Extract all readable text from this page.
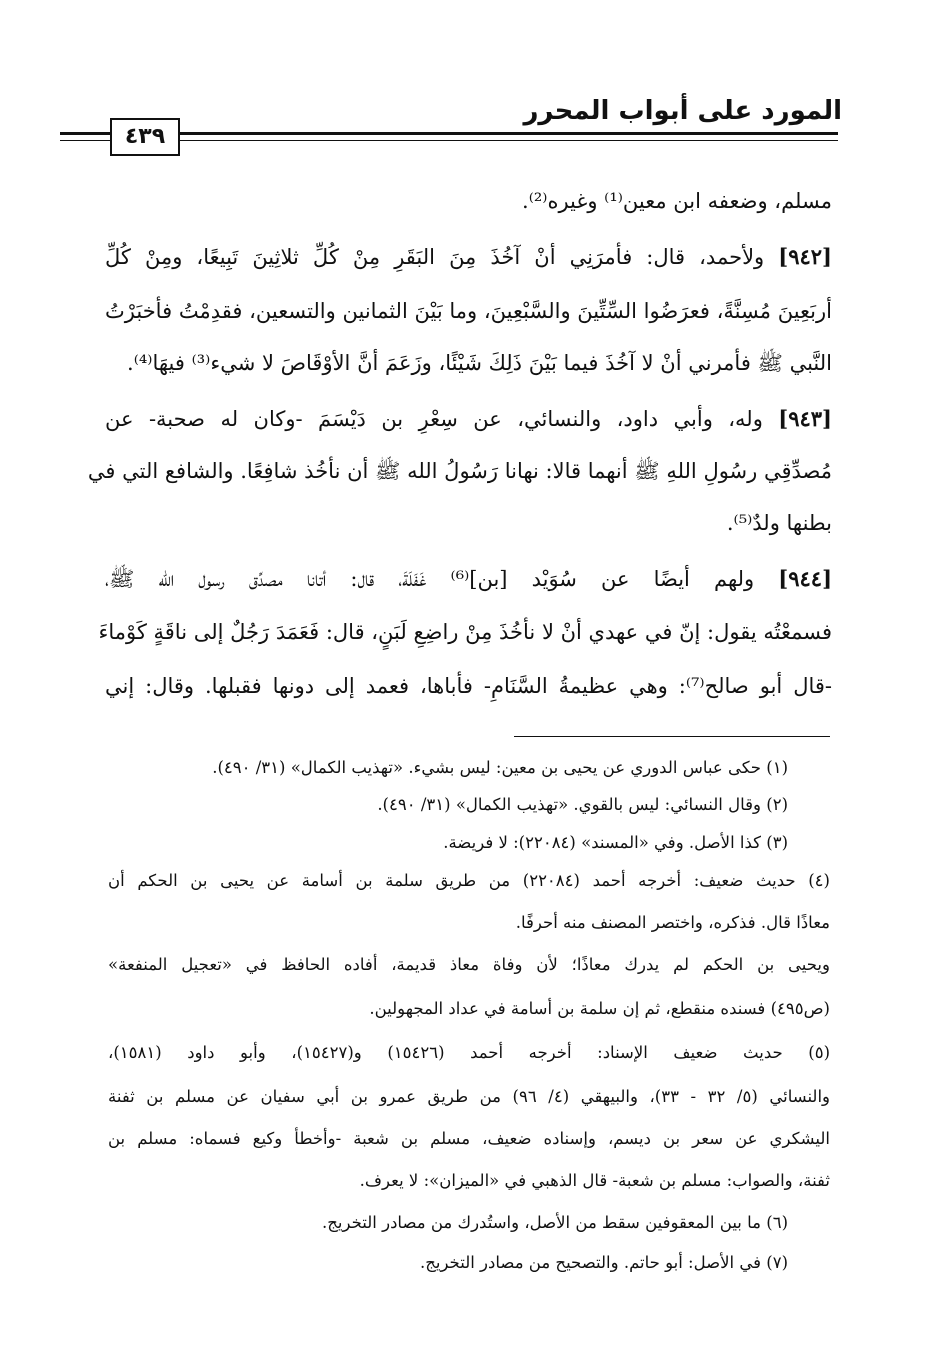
المورد على أبواب المحرر
٤٣٩
مسلم، وضعفه ابن معين⁽¹⁾ وغيره⁽²⁾.
[٩٤٢] ولأحمد، قال: فأمرَنِي أنْ آخُذَ مِنَ البَقَرِ مِنْ كُلِّ ثلاثِينَ تَبِيعًا، ومِنْ كُلِّ
أربَعِينَ مُسِنَّةً، فعرَضُوا السِّتِّينَ والسَّبْعِينَ، وما بَيْنَ الثمانين والتسعين، فقدِمْتُ فأخبَرْتُ
النَّبي ﷺ فأمرني أنْ لا آخُذَ فيما بَيْنَ ذَلِكَ شَيْئًا، وزَعَمَ أنَّ الأوْقَاصَ لا شيء⁽³⁾ فيهَا⁽⁴⁾.
[٩٤٣] وله، وأبي داود، والنسائي، عن سِعْرِ بن دَيْسَمَ -وكان له صحبة- عن
مُصدِّقِي رسُولِ اللهِ ﷺ أنهما قالا: نهانا رَسُولُ الله ﷺ أن نأخُذ شافِعًا. والشافع التي في
بطنها ولدٌ⁽⁵⁾.
[٩٤٤] ولهم أيضًا عن سُوَيْد [بن]⁽⁶⁾ غَفَلَةَ، قال: أتانا مصدِّق رسول الله ﷺ،
فسمعْتُه يقول: إنّ في عهدي أنْ لا نأخُذَ مِنْ راضِعِ لَبَنٍ، قال: فَعَمَدَ رَجُلٌ إلى ناقَةٍ كَوْماءَ
-قال أبو صالح⁽⁷⁾: وهي عظيمةُ السَّنَامِ- فأباها، فعمد إلى دونها فقبلها. وقال: إني
(١) حكى عباس الدوري عن يحيى بن معين: ليس بشيء. «تهذيب الكمال» (٣١/ ٤٩٠).
(٢) وقال النسائي: ليس بالقوي. «تهذيب الكمال» (٣١/ ٤٩٠).
(٣) كذا الأصل. وفي «المسند» (٢٢٠٨٤): لا فريضة.
(٤) حديث ضعيف: أخرجه أحمد (٢٢٠٨٤) من طريق سلمة بن أسامة عن يحيى بن الحكم أن
معاذًا قال. فذكره، واختصر المصنف منه أحرفًا.
ويحيى بن الحكم لم يدرك معاذًا؛ لأن وفاة معاذ قديمة، أفاده الحافظ في «تعجيل المنفعة»
(ص٤٩٥) فسنده منقطع، ثم إن سلمة بن أسامة في عداد المجهولين.
(٥) حديث ضعيف الإسناد: أخرجه أحمد (١٥٤٢٦) و(١٥٤٢٧)، وأبو داود (١٥٨١)،
والنسائي (٥/ ٣٢ - ٣٣)، والبيهقي (٤/ ٩٦) من طريق عمرو بن أبي سفيان عن مسلم بن ثفنة
اليشكري عن سعر بن ديسم، وإسناده ضعيف، مسلم بن شعبة -وأخطأ وكيع فسماه: مسلم بن
ثفنة، والصواب: مسلم بن شعبة- قال الذهبي في «الميزان»: لا يعرف.
(٦) ما بين المعقوفين سقط من الأصل، واستُدرك من مصادر التخريج.
(٧) في الأصل: أبو حاتم. والتصحيح من مصادر التخريج.
